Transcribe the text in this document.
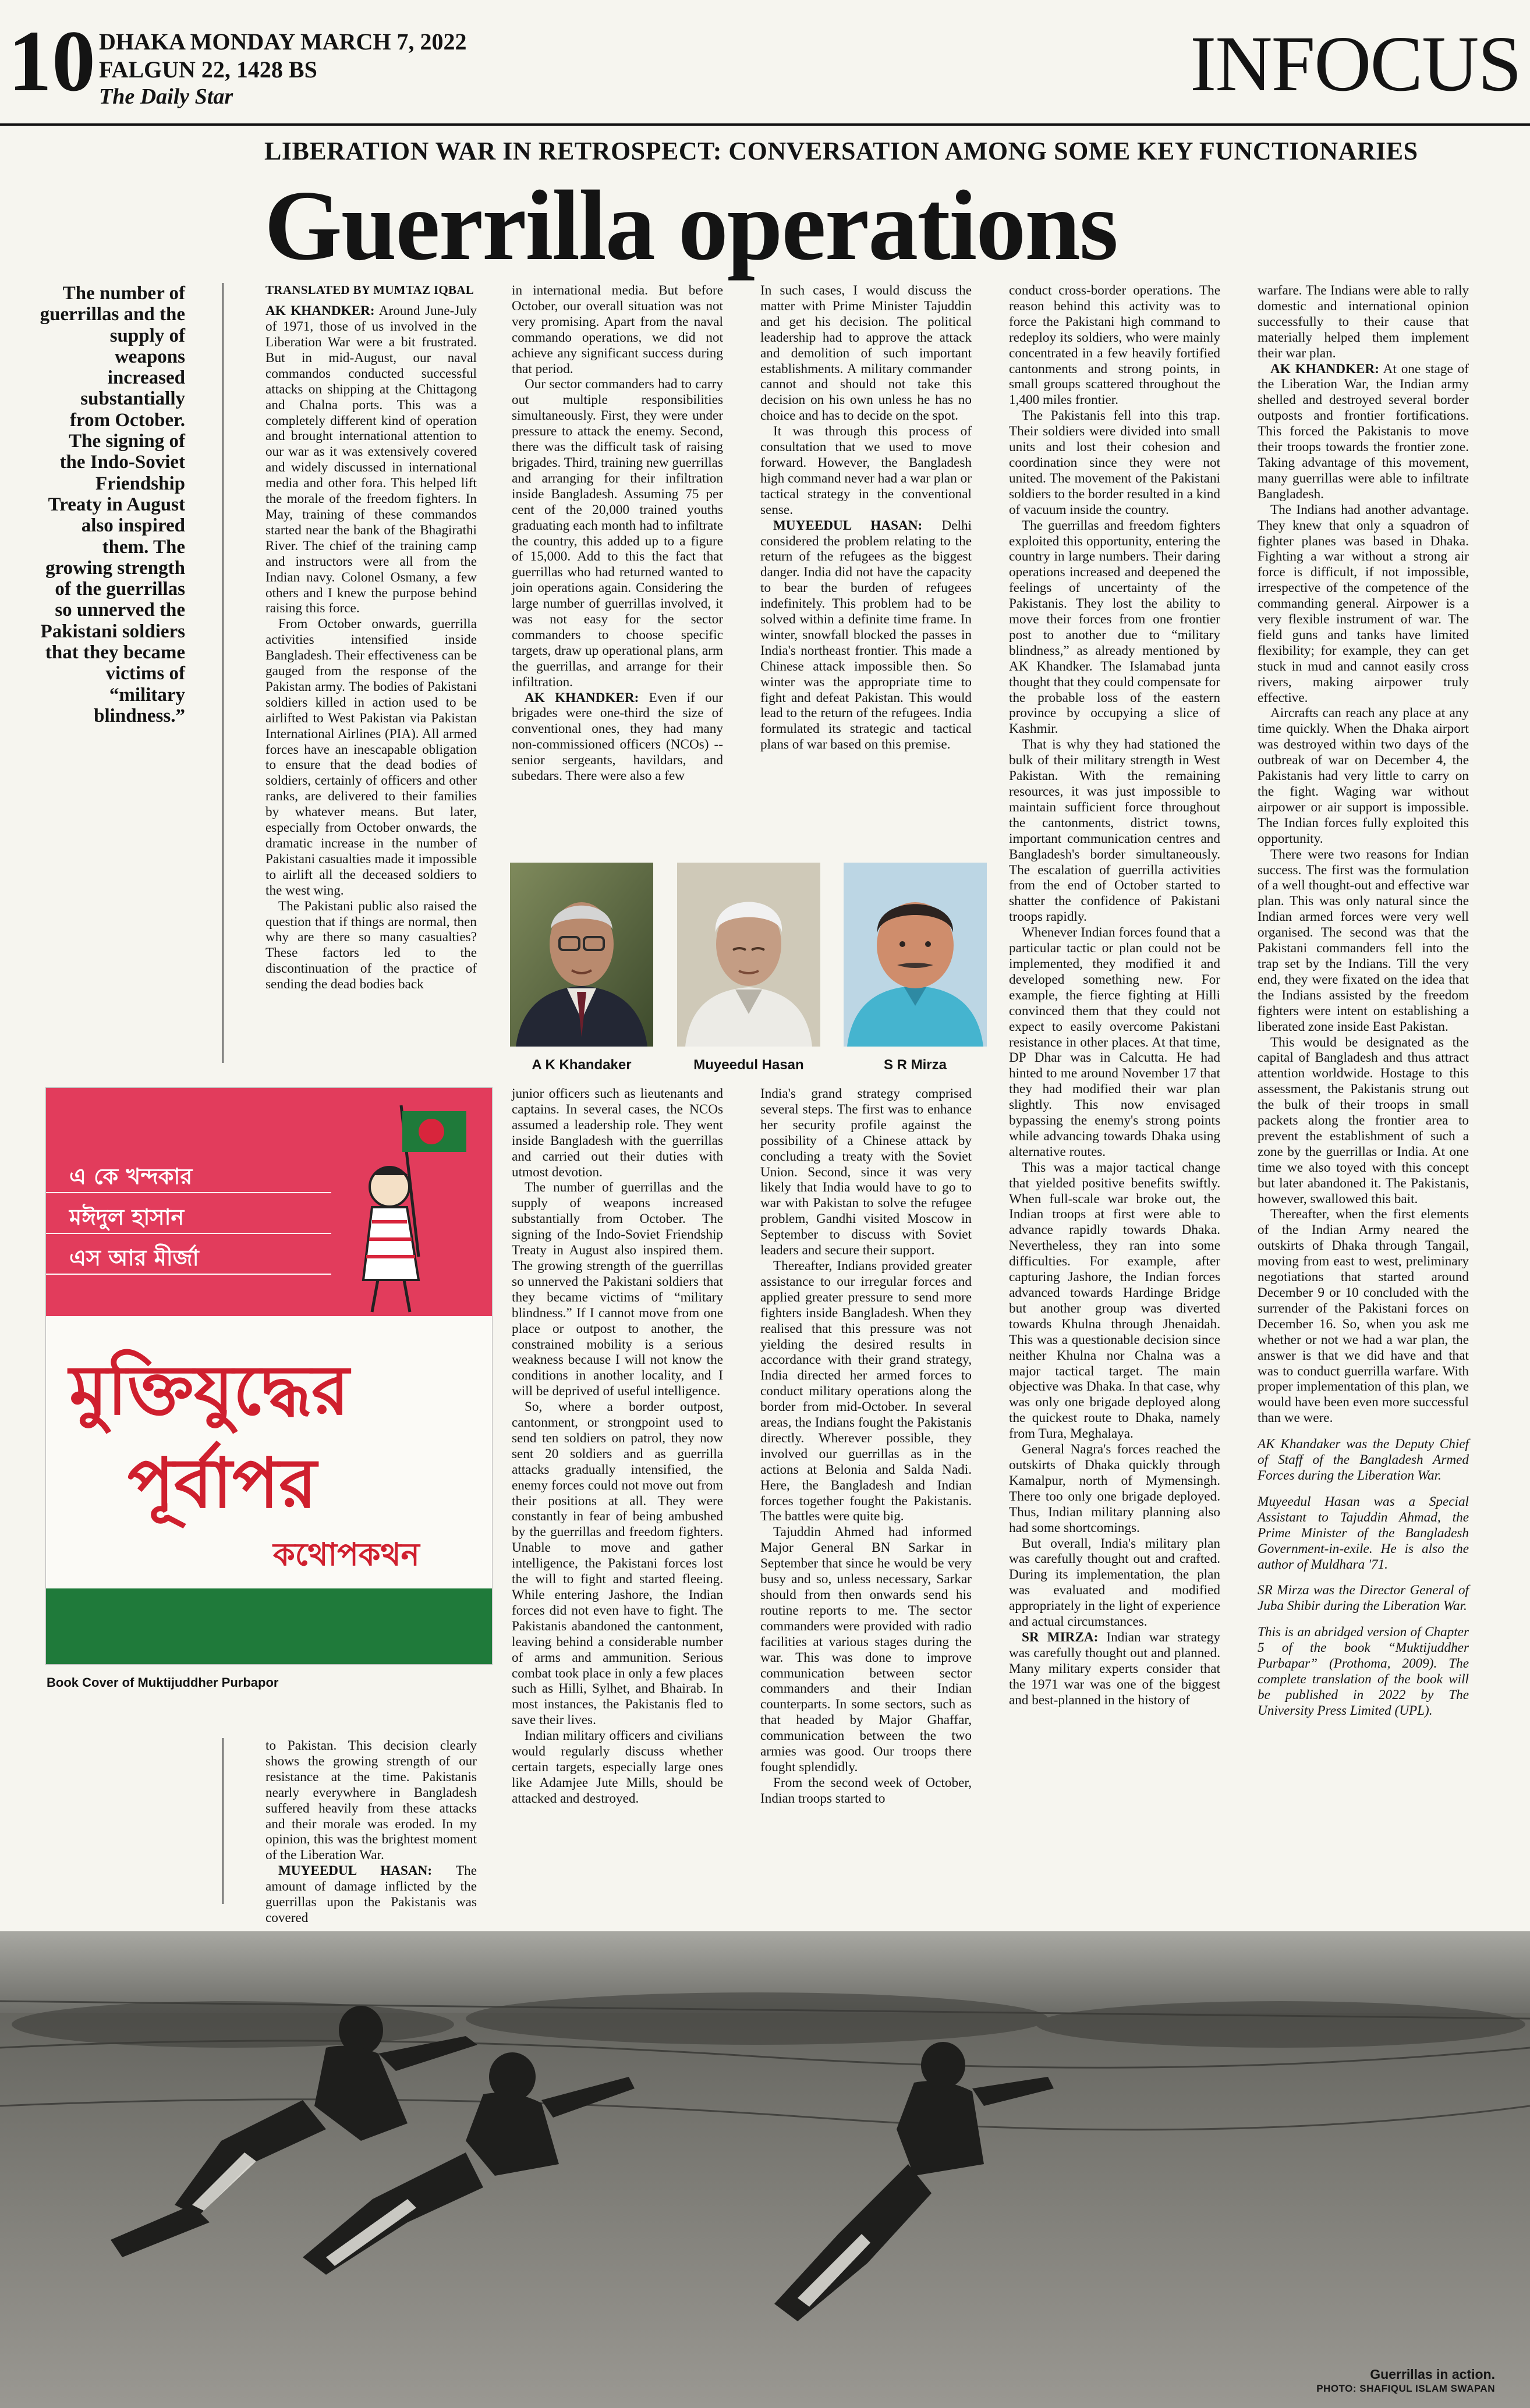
10 DHAKA MONDAY MARCH 7, 2022
FALGUN 22, 1428 BS
The Daily Star	INFOCUS
LIBERATION WAR IN RETROSPECT: CONVERSATION AMONG SOME KEY FUNCTIONARIES
Guerrilla operations

The number of guerrillas and the supply of weapons increased substantially from October. The signing of the Indo-Soviet Friendship Treaty in August also inspired them. The growing strength of the guerrillas so unnerved the Pakistani soldiers that they became victims of “military blindness.”

TRANSLATED BY MUMTAZ IQBAL

AK KHANDKER: Around June-July of 1971, those of us involved in the Liberation War were a bit frustrated. But in mid-August, our naval commandos conducted successful attacks on shipping at the Chittagong and Chalna ports. This was a completely different kind of operation and brought international attention to our war as it was extensively covered and widely discussed in international media and other fora. This helped lift the morale of the freedom fighters. In May, training of these commandos started near the bank of the Bhagirathi River. The chief of the training camp and instructors were all from the Indian navy. Colonel Osmany, a few others and I knew the purpose behind raising this force.

From October onwards, guerrilla activities intensified inside Bangladesh. Their effectiveness can be gauged from the response of the Pakistan army. The bodies of Pakistani soldiers killed in action used to be airlifted to West Pakistan via Pakistan International Airlines (PIA). All armed forces have an inescapable obligation to ensure that the dead bodies of soldiers, certainly of officers and other ranks, are delivered to their families by whatever means. But later, especially from October onwards, the dramatic increase in the number of Pakistani casualties made it impossible to airlift all the deceased soldiers to the west wing.

The Pakistani public also raised the question that if things are normal, then why are there so many casualties? These factors led to the discontinuation of the practice of sending the dead bodies back

in international media. But before October, our overall situation was not very promising. Apart from the naval commando operations, we did not achieve any significant success during that period.

Our sector commanders had to carry out multiple responsibilities simultaneously. First, they were under pressure to attack the enemy. Second, there was the difficult task of raising brigades. Third, training new guerrillas and arranging for their infiltration inside Bangladesh. Assuming 75 per cent of the 20,000 trained youths graduating each month had to infiltrate the country, this added up to a figure of 15,000. Add to this the fact that guerrillas who had returned wanted to join operations again. Considering the large number of guerrillas involved, it was not easy for the sector commanders to choose specific targets, draw up operational plans, arm the guerrillas, and arrange for their infiltration.

AK KHANDKER: Even if our brigades were one-third the size of conventional ones, they had many non-commissioned officers (NCOs) -- senior sergeants, havildars, and subedars. There were also a few

In such cases, I would discuss the matter with Prime Minister Tajuddin and get his decision. The political leadership had to approve the attack and demolition of such important establishments. A military commander cannot and should not take this decision on his own unless he has no choice and has to decide on the spot.

It was through this process of consultation that we used to move forward. However, the Bangladesh high command never had a war plan or tactical strategy in the conventional sense.

MUYEEDUL HASAN: Delhi considered the problem relating to the return of the refugees as the biggest danger. India did not have the capacity to bear the burden of refugees indefinitely. This problem had to be solved within a definite time frame. In winter, snowfall blocked the passes in India's northeast frontier. This made a Chinese attack impossible then. So winter was the appropriate time to fight and defeat Pakistan. This would lead to the return of the refugees. India formulated its strategic and tactical plans of war based on this premise.

conduct cross-border operations. The reason behind this activity was to force the Pakistani high command to redeploy its soldiers, who were mainly concentrated in a few heavily fortified cantonments and strong points, in small groups scattered throughout the 1,400 miles frontier.

The Pakistanis fell into this trap. Their soldiers were divided into small units and lost their cohesion and coordination since they were not united. The movement of the Pakistani soldiers to the border resulted in a kind of vacuum inside the country.

The guerrillas and freedom fighters exploited this opportunity, entering the country in large numbers. Their daring operations increased and deepened the feelings of uncertainty of the Pakistanis. They lost the ability to move their forces from one frontier post to another due to “military blindness,” as already mentioned by AK Khandker. The Islamabad junta thought that they could compensate for the probable loss of the eastern province by occupying a slice of Kashmir.

That is why they had stationed the bulk of their military strength in West Pakistan. With the remaining resources, it was just impossible to maintain sufficient force throughout the cantonments, district towns, important communication centres and Bangladesh's border simultaneously. The escalation of guerrilla activities from the end of October started to shatter the confidence of Pakistani troops rapidly.

Whenever Indian forces found that a particular tactic or plan could not be implemented, they modified it and developed something new. For example, the fierce fighting at Hilli convinced them that they could not expect to easily overcome Pakistani resistance in other places. At that time, DP Dhar was in Calcutta. He had hinted to me around November 17 that they had modified their war plan slightly. This now envisaged bypassing the enemy's strong points while advancing towards Dhaka using alternative routes.

This was a major tactical change that yielded positive benefits swiftly. When full-scale war broke out, the Indian troops at first were able to advance rapidly towards Dhaka. Nevertheless, they ran into some difficulties. For example, after capturing Jashore, the Indian forces advanced towards Hardinge Bridge but another group was diverted towards Khulna through Jhenaidah. This was a questionable decision since neither Khulna nor Chalna was a major tactical target. The main objective was Dhaka. In that case, why was only one brigade deployed along the quickest route to Dhaka, namely from Tura, Meghalaya.

General Nagra's forces reached the outskirts of Dhaka quickly through Kamalpur, north of Mymensingh. There too only one brigade deployed. Thus, Indian military planning also had some shortcomings.

But overall, India's military plan was carefully thought out and crafted. During its implementation, the plan was evaluated and modified appropriately in the light of experience and actual circumstances.

SR MIRZA: Indian war strategy was carefully thought out and planned. Many military experts consider that the 1971 war was one of the biggest and best-planned in the history of

warfare. The Indians were able to rally domestic and international opinion successfully to their cause that materially helped them implement their war plan.

AK KHANDKER: At one stage of the Liberation War, the Indian army shelled and destroyed several border outposts and frontier fortifications. This forced the Pakistanis to move their troops towards the frontier zone. Taking advantage of this movement, many guerrillas were able to infiltrate Bangladesh.

The Indians had another advantage. They knew that only a squadron of fighter planes was based in Dhaka. Fighting a war without a strong air force is difficult, if not impossible, irrespective of the competence of the commanding general. Airpower is a very flexible instrument of war. The field guns and tanks have limited flexibility; for example, they can get stuck in mud and cannot easily cross rivers, making airpower truly effective.

Aircrafts can reach any place at any time quickly. When the Dhaka airport was destroyed within two days of the outbreak of war on December 4, the Pakistanis had very little to carry on the fight. Waging war without airpower or air support is impossible. The Indian forces fully exploited this opportunity.

There were two reasons for Indian success. The first was the formulation of a well thought-out and effective war plan. This was only natural since the Indian armed forces were very well organised. The second was that the Pakistani commanders fell into the trap set by the Indians. Till the very end, they were fixated on the idea that the Indians assisted by the freedom fighters were intent on establishing a liberated zone inside East Pakistan.

This would be designated as the capital of Bangladesh and thus attract attention worldwide. Hostage to this assessment, the Pakistanis strung out the bulk of their troops in small packets along the frontier area to prevent the establishment of such a zone by the guerrillas or India. At one time we also toyed with this concept but later abandoned it. The Pakistanis, however, swallowed this bait.

Thereafter, when the first elements of the Indian Army neared the outskirts of Dhaka through Tangail, moving from east to west, preliminary negotiations that started around December 9 or 10 concluded with the surrender of the Pakistani forces on December 16. So, when you ask me whether or not we had a war plan, the answer is that we did have and that was to conduct guerrilla warfare. With proper implementation of this plan, we would have been even more successful than we were.

AK Khandaker was the Deputy Chief of Staff of the Bangladesh Armed Forces during the Liberation War.

Muyeedul Hasan was a Special Assistant to Tajuddin Ahmad, the Prime Minister of the Bangladesh Government-in-exile. He is also the author of Muldhara '71.

SR Mirza was the Director General of Juba Shibir during the Liberation War.

This is an abridged version of Chapter 5 of the book “Muktijuddher Purbapar” (Prothoma, 2009). The complete translation of the book will be published in 2022 by The University Press Limited (UPL).

A K Khandaker	Muyeedul Hasan	S R Mirza
এ কে খন্দকার
মঈদুল হাসান
এস আর মীর্জা
মুক্তিযুদ্ধের
পূর্বাপর
কথোপকথন
Book Cover of Muktijuddher Purbapor

to Pakistan. This decision clearly shows the growing strength of our resistance at the time. Pakistanis nearly everywhere in Bangladesh suffered heavily from these attacks and their morale was eroded. In my opinion, this was the brightest moment of the Liberation War.

MUYEEDUL HASAN: The amount of damage inflicted by the guerrillas upon the Pakistanis was covered

junior officers such as lieutenants and captains. In several cases, the NCOs assumed a leadership role. They went inside Bangladesh with the guerrillas and carried out their duties with utmost devotion.

The number of guerrillas and the supply of weapons increased substantially from October. The signing of the Indo-Soviet Friendship Treaty in August also inspired them. The growing strength of the guerrillas so unnerved the Pakistani soldiers that they became victims of “military blindness.” If I cannot move from one place or outpost to another, the constrained mobility is a serious weakness because I will not know the conditions in another locality, and I will be deprived of useful intelligence.

So, where a border outpost, cantonment, or strongpoint used to send ten soldiers on patrol, they now sent 20 soldiers and as guerrilla attacks gradually intensified, the enemy forces could not move out from their positions at all. They were constantly in fear of being ambushed by the guerrillas and freedom fighters. Unable to move and gather intelligence, the Pakistani forces lost the will to fight and started fleeing. While entering Jashore, the Indian forces did not even have to fight. The Pakistanis abandoned the cantonment, leaving behind a considerable number of arms and ammunition. Serious combat took place in only a few places such as Hilli, Sylhet, and Bhairab. In most instances, the Pakistanis fled to save their lives.

Indian military officers and civilians would regularly discuss whether certain targets, especially large ones like Adamjee Jute Mills, should be attacked and destroyed.

India's grand strategy comprised several steps. The first was to enhance her security profile against the possibility of a Chinese attack by concluding a treaty with the Soviet Union. Second, since it was very likely that India would have to go to war with Pakistan to solve the refugee problem, Gandhi visited Moscow in September to discuss with Soviet leaders and secure their support.

Thereafter, Indians provided greater assistance to our irregular forces and applied greater pressure to send more fighters inside Bangladesh. When they realised that this pressure was not yielding the desired results in accordance with their grand strategy, India directed her armed forces to conduct military operations along the border from mid-October. In several areas, the Indians fought the Pakistanis directly. Wherever possible, they involved our guerrillas as in the actions at Belonia and Salda Nadi. Here, the Bangladesh and Indian forces together fought the Pakistanis. The battles were quite big.

Tajuddin Ahmed had informed Major General BN Sarkar in September that since he would be very busy and so, unless necessary, Sarkar should from then onwards send his routine reports to me. The sector commanders were provided with radio facilities at various stages during the war. This was done to improve communication between sector commanders and their Indian counterparts. In some sectors, such as that headed by Major Ghaffar, communication between the two armies was good. Our troops there fought splendidly.

From the second week of October, Indian troops started to

Guerrillas in action.
PHOTO: SHAFIQUL ISLAM SWAPAN
